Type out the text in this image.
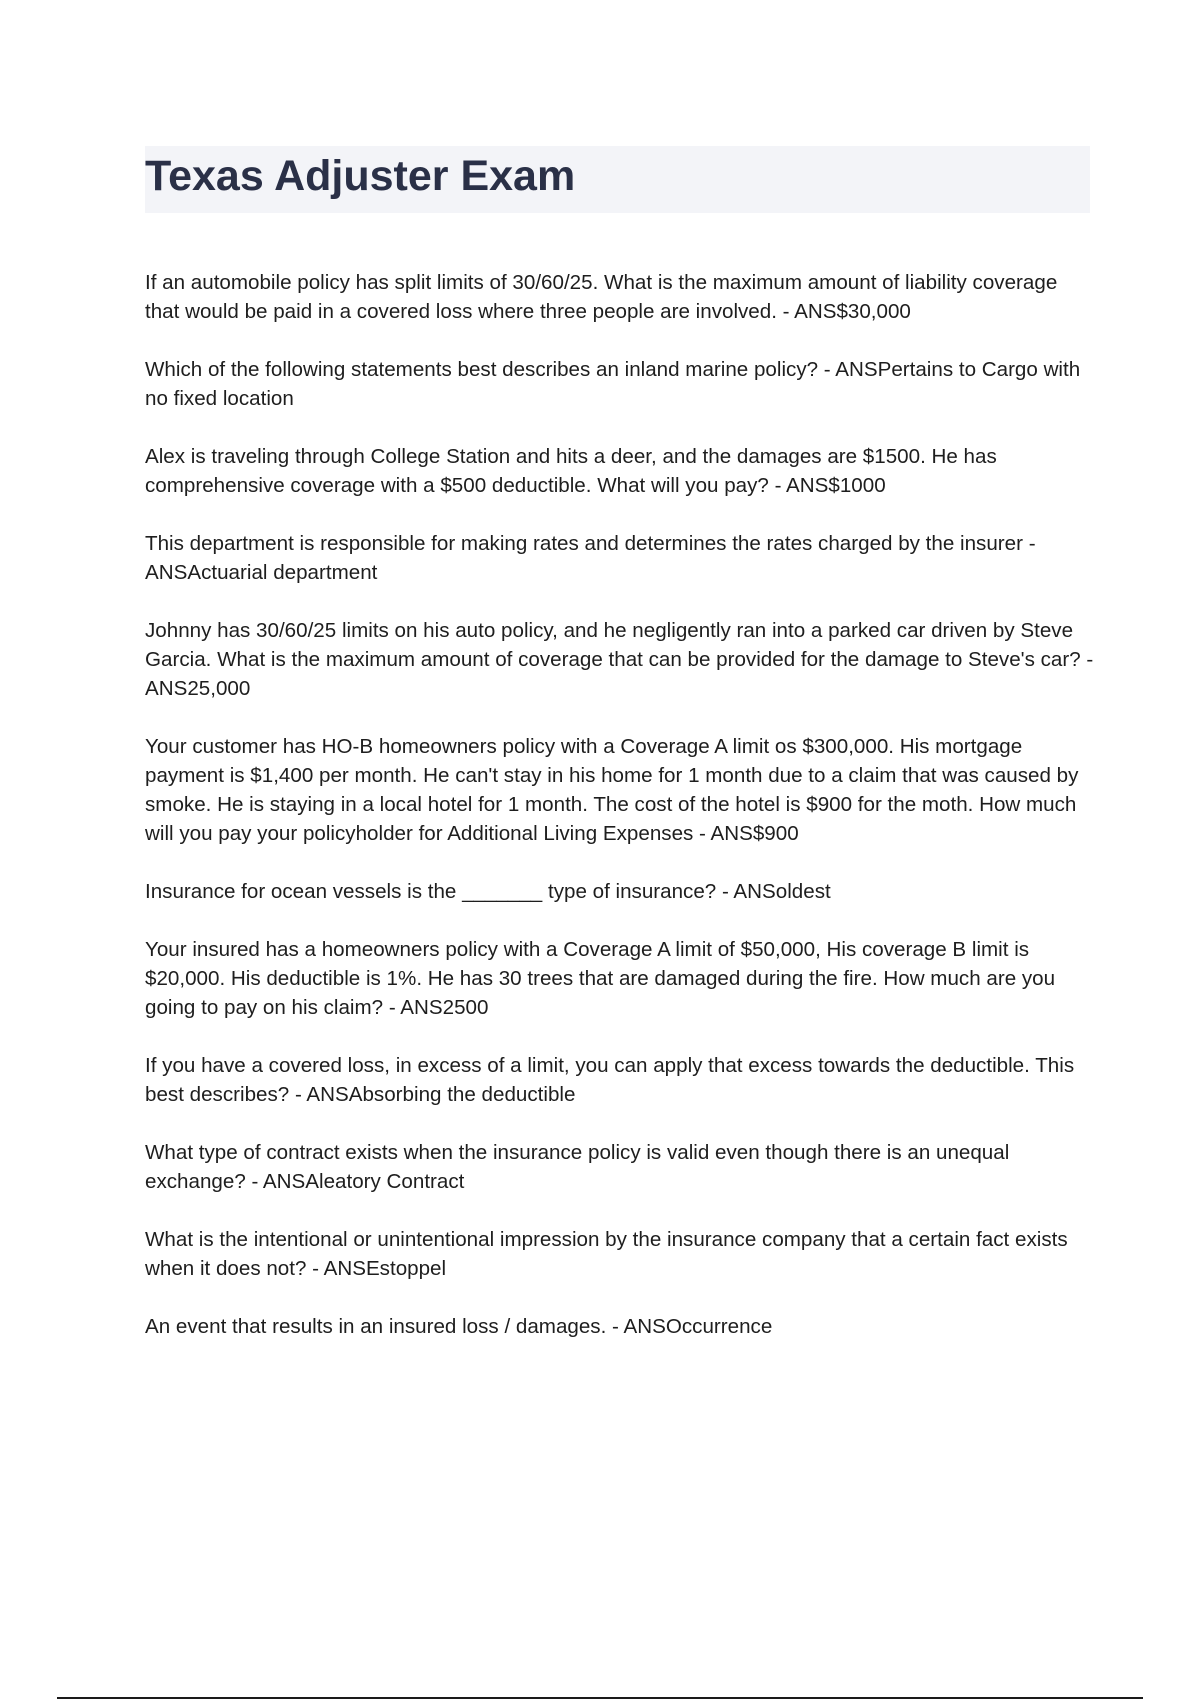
Texas Adjuster Exam
If an automobile policy has split limits of 30/60/25. What is the maximum amount of liability coverage that would be paid in a covered loss where three people are involved. - ANS$30,000
Which of the following statements best describes an inland marine policy? - ANSPertains to Cargo with no fixed location
Alex is traveling through College Station and hits a deer, and the damages are $1500. He has comprehensive coverage with a $500 deductible. What will you pay? - ANS$1000
This department is responsible for making rates and determines the rates charged by the insurer - ANSActuarial department
Johnny has 30/60/25 limits on his auto policy, and he negligently ran into a parked car driven by Steve Garcia. What is the maximum amount of coverage that can be provided for the damage to Steve's car? - ANS25,000
Your customer has HO-B homeowners policy with a Coverage A limit os $300,000. His mortgage payment is $1,400 per month. He can't stay in his home for 1 month due to a claim that was caused by smoke. He is staying in a local hotel for 1 month. The cost of the hotel is $900 for the moth. How much will you pay your policyholder for Additional Living Expenses - ANS$900
Insurance for ocean vessels is the _______ type of insurance? - ANSoldest
Your insured has a homeowners policy with a Coverage A limit of $50,000, His coverage B limit is $20,000. His deductible is 1%. He has 30 trees that are damaged during the fire. How much are you going to pay on his claim? - ANS2500
If you have a covered loss, in excess of a limit, you can apply that excess towards the deductible. This best describes? - ANSAbsorbing the deductible
What type of contract exists when the insurance policy is valid even though there is an unequal exchange? - ANSAleatory Contract
What is the intentional or unintentional impression by the insurance company that a certain fact exists when it does not? - ANSEstoppel
An event that results in an insured loss / damages. - ANSOccurrence
